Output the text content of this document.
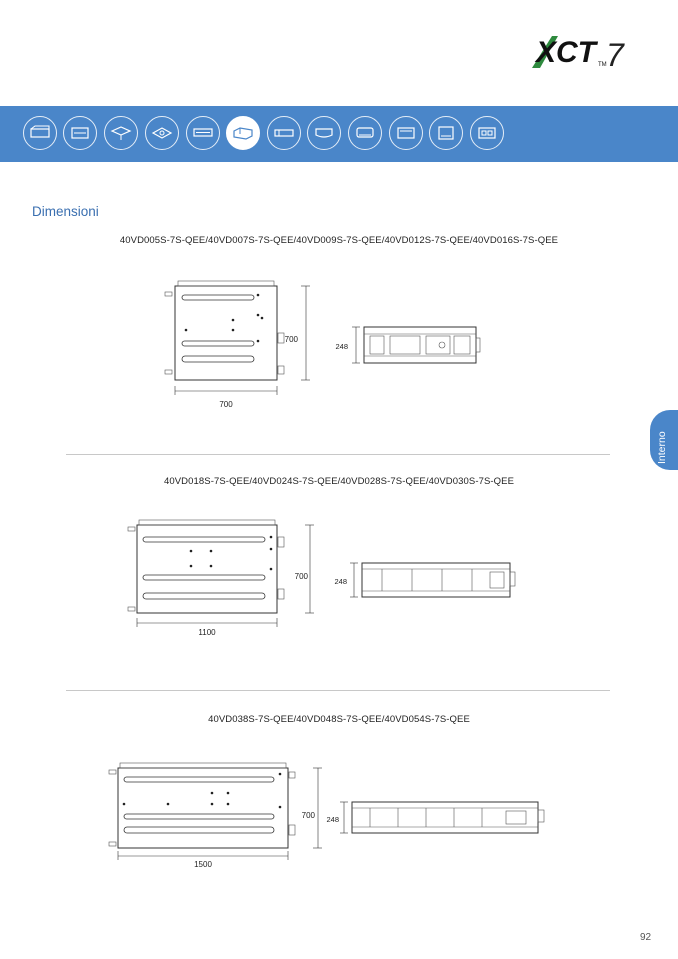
XCT TM 7
Dimensioni
40VD005S-7S-QEE/40VD007S-7S-QEE/40VD009S-7S-QEE/40VD012S-7S-QEE/40VD016S-7S-QEE
700
700
248
40VD018S-7S-QEE/40VD024S-7S-QEE/40VD028S-7S-QEE/40VD030S-7S-QEE
1100
700
248
40VD038S-7S-QEE/40VD048S-7S-QEE/40VD054S-7S-QEE
1500
700 248
Interno
92
